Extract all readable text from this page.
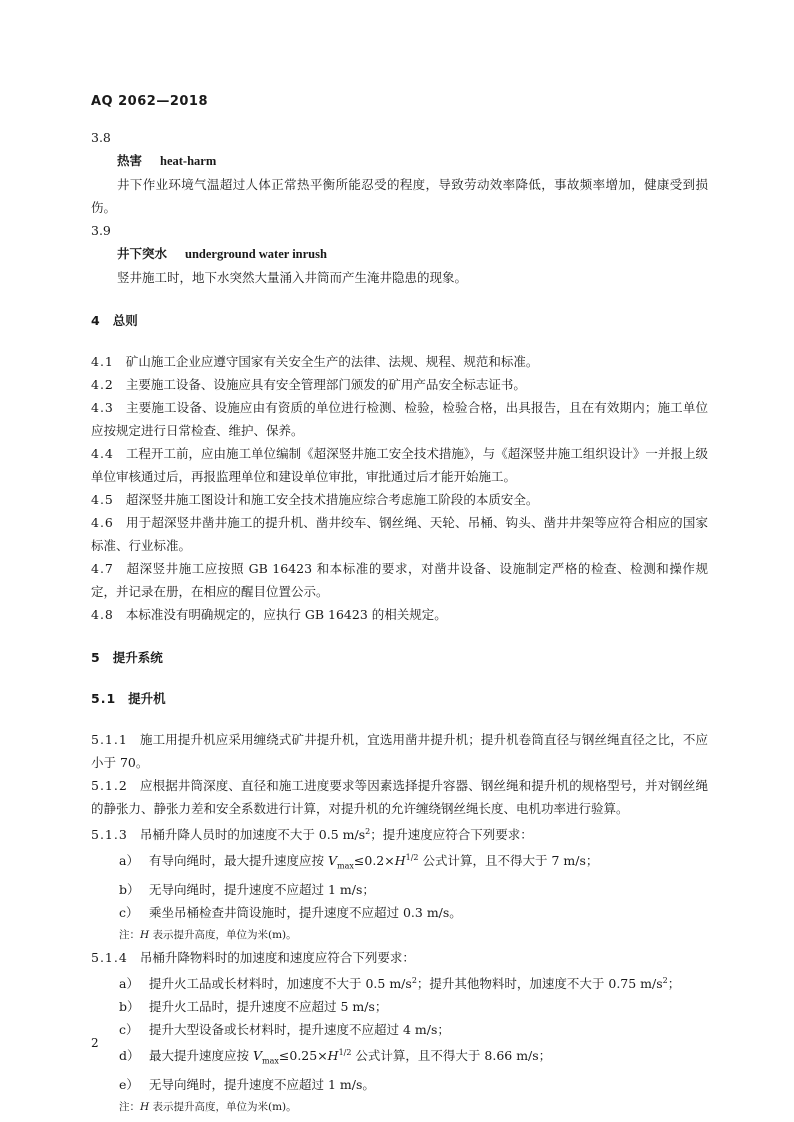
AQ 2062—2018
3.8
热害 heat-harm
井下作业环境气温超过人体正常热平衡所能忍受的程度，导致劳动效率降低，事故频率增加，健康受到损伤。
3.9
井下突水 underground water inrush
竖井施工时，地下水突然大量涌入井筒而产生淹井隐患的现象。
4 总则
4.1 矿山施工企业应遵守国家有关安全生产的法律、法规、规程、规范和标准。
4.2 主要施工设备、设施应具有安全管理部门颁发的矿用产品安全标志证书。
4.3 主要施工设备、设施应由有资质的单位进行检测、检验，检验合格，出具报告，且在有效期内；施工单位应按规定进行日常检查、维护、保养。
4.4 工程开工前，应由施工单位编制《超深竖井施工安全技术措施》，与《超深竖井施工组织设计》一并报上级单位审核通过后，再报监理单位和建设单位审批，审批通过后才能开始施工。
4.5 超深竖井施工图设计和施工安全技术措施应综合考虑施工阶段的本质安全。
4.6 用于超深竖井凿井施工的提升机、凿井绞车、钢丝绳、天轮、吊桶、钩头、凿井井架等应符合相应的国家标准、行业标准。
4.7 超深竖井施工应按照 GB 16423 和本标准的要求，对凿井设备、设施制定严格的检查、检测和操作规定，并记录在册，在相应的醒目位置公示。
4.8 本标准没有明确规定的，应执行 GB 16423 的相关规定。
5 提升系统
5.1 提升机
5.1.1 施工用提升机应采用缠绕式矿井提升机，宜选用凿井提升机；提升机卷筒直径与钢丝绳直径之比，不应小于 70。
5.1.2 应根据井筒深度、直径和施工进度要求等因素选择提升容器、钢丝绳和提升机的规格型号，并对钢丝绳的静张力、静张力差和安全系数进行计算，对提升机的允许缠绕钢丝绳长度、电机功率进行验算。
5.1.3 吊桶升降人员时的加速度不大于 0.5 $m/s^2$；提升速度应符合下列要求：
a） 有导向绳时，最大提升速度应按 $V_{max}\le 0.2\times H^{1/2}$ 公式计算，且不得大于 7 m/s；
b） 无导向绳时，提升速度不应超过 1 m/s；
c） 乘坐吊桶检查井筒设施时，提升速度不应超过 0.3 m/s。
注：H 表示提升高度，单位为米(m)。
5.1.4 吊桶升降物料时的加速度和速度应符合下列要求：
a） 提升火工品或长材料时，加速度不大于 0.5 $m/s^2$；提升其他物料时，加速度不大于 0.75 $m/s^2$；
b） 提升火工品时，提升速度不应超过 5 m/s；
c） 提升大型设备或长材料时，提升速度不应超过 4 m/s；
d） 最大提升速度应按 $V_{max}\le 0.25\times H^{1/2}$ 公式计算，且不得大于 8.66 m/s；
e） 无导向绳时，提升速度不应超过 1 m/s。
注：H 表示提升高度，单位为米(m)。
2
